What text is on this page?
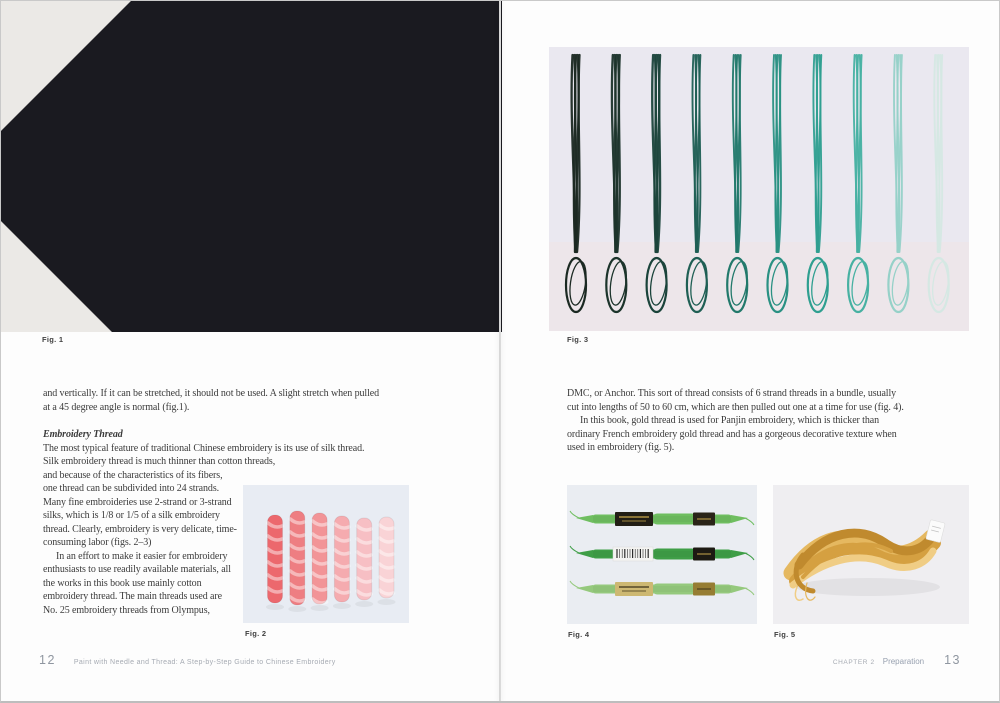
Fig. 1

and vertically. If it can be stretched, it should not be used. A slight stretch when pulled at a 45 degree angle is normal (fig.1).

Embroidery Thread

The most typical feature of traditional Chinese embroidery is its use of silk thread. Silk embroidery thread is much thinner than cotton threads,

and because of the characteristics of its fibers, one thread can be subdivided into 24 strands. Many fine embroideries use 2-strand or 3-strand silks, which is 1/8 or 1/5 of a silk embroidery thread. Clearly, embroidery is very delicate, time-consuming labor (figs. 2–3)

In an effort to make it easier for embroidery enthusiasts to use readily available materials, all the works in this book use mainly cotton embroidery thread. The main threads used are No. 25 embroidery threads from Olympus,

Fig. 2
12	Paint with Needle and Thread: A Step-by-Step Guide to Chinese Embroidery
Fig. 3

DMC, or Anchor. This sort of thread consists of 6 strand threads in a bundle, usually cut into lengths of 50 to 60 cm, which are then pulled out one at a time for use (fig. 4).

In this book, gold thread is used for Panjin embroidery, which is thicker than ordinary French embroidery gold thread and has a gorgeous decorative texture when used in embroidery (fig. 5).

Fig. 4	Fig. 5
CHAPTER 2 Preparation 13
